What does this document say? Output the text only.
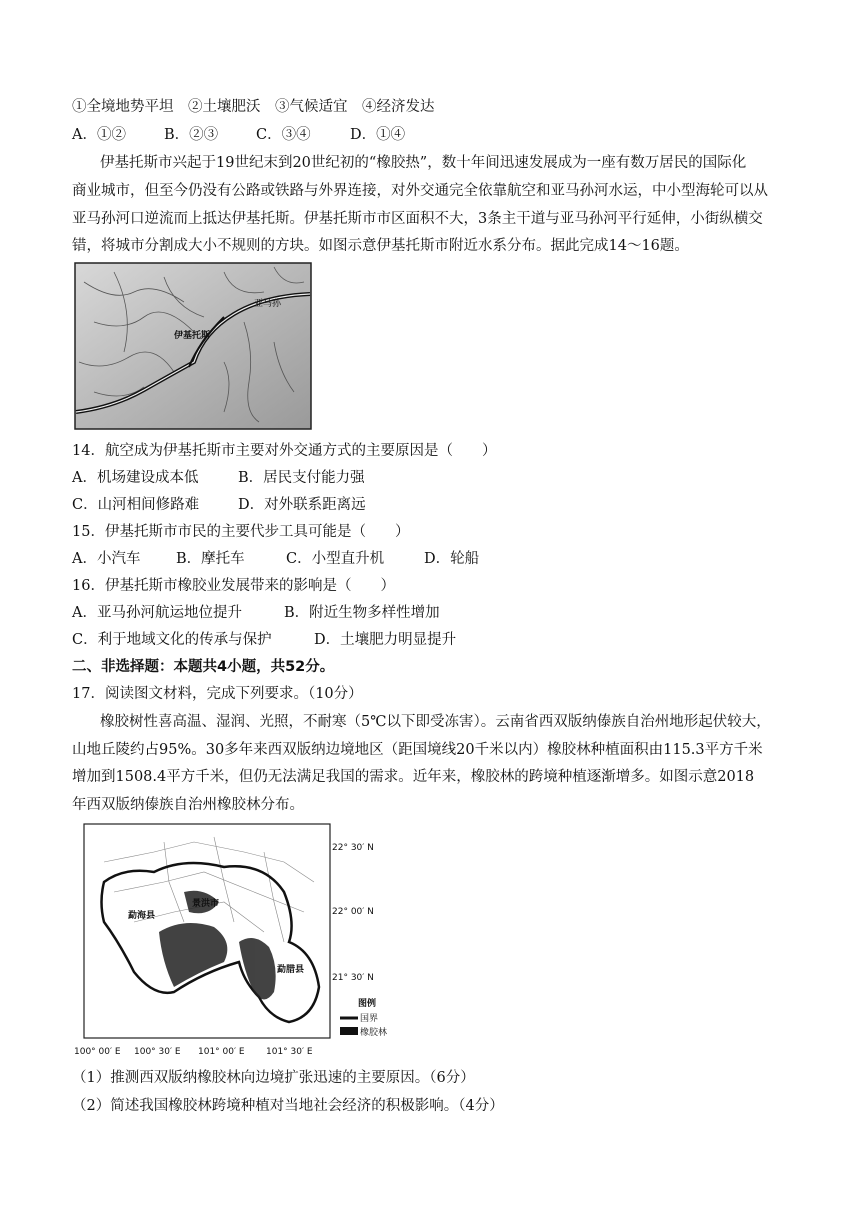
①全境地势平坦　②土壤肥沃　③气候适宜　④经济发达
A．①②	B．②③	C．③④	D．①④
伊基托斯市兴起于19世纪末到20世纪初的“橡胶热”，数十年间迅速发展成为一座有数万居民的国际化
商业城市，但至今仍没有公路或铁路与外界连接，对外交通完全依靠航空和亚马孙河水运，中小型海轮可以从
亚马孙河口逆流而上抵达伊基托斯。伊基托斯市市区面积不大，3条主干道与亚马孙河平行延伸，小街纵横交
错，将城市分割成大小不规则的方块。如图示意伊基托斯市附近水系分布。据此完成14～16题。
伊基托斯
亚马孙
14．航空成为伊基托斯市主要对外交通方式的主要原因是（　　）
A．机场建设成本低	B．居民支付能力强
C．山河相间修路难	D．对外联系距离远
15．伊基托斯市市民的主要代步工具可能是（　　）
A．小汽车 B．摩托车	C．小型直升机	D．轮船
16．伊基托斯市橡胶业发展带来的影响是（　　）
A．亚马孙河航运地位提升	B．附近生物多样性增加
C．利于地域文化的传承与保护	D．土壤肥力明显提升
二、非选择题：本题共4小题，共52分。
17．阅读图文材料，完成下列要求。（10分）
橡胶树性喜高温、湿润、光照，不耐寒（5℃以下即受冻害）。云南省西双版纳傣族自治州地形起伏较大，
山地丘陵约占95%。30多年来西双版纳边境地区（距国境线20千米以内）橡胶林种植面积由115.3平方千米
增加到1508.4平方千米，但仍无法满足我国的需求。近年来，橡胶林的跨境种植逐渐增多。如图示意2018
年西双版纳傣族自治州橡胶林分布。
勐海县
景洪市
勐腊县
22° 30′ N
22° 00′ N
21° 30′ N
100° 00′ E 100° 30′ E 101° 00′ E 101° 30′ E
图例
国界
橡胶林
（1）推测西双版纳橡胶林向边境扩张迅速的主要原因。（6分）
（2）简述我国橡胶林跨境种植对当地社会经济的积极影响。（4分）
